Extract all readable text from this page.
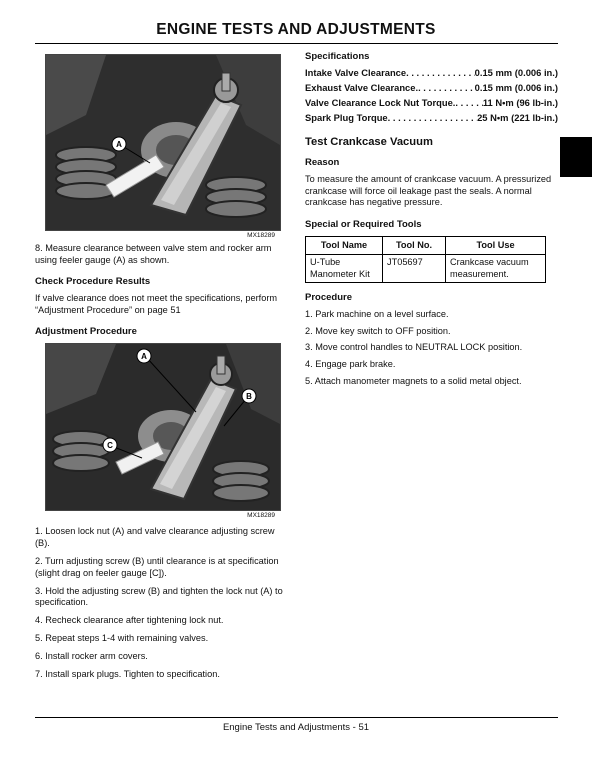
ENGINE TESTS AND ADJUSTMENTS
A
MX18289

8. Measure clearance between valve stem and rocker arm using feeler gauge (A) as shown.

Check Procedure Results

If valve clearance does not meet the specifications, perform “Adjustment Procedure” on page 51

Adjustment Procedure
A
B
C
MX18289
1. Loosen lock nut (A) and valve clearance adjusting screw (B).
2. Turn adjusting screw (B) until clearance is at specification (slight drag on feeler gauge [C]).
3. Hold the adjusting screw (B) and tighten the lock nut (A) to specification.
4. Recheck clearance after tightening lock nut.
5. Repeat steps 1-4 with remaining valves.
6. Install rocker arm covers.
7. Install spark plugs. Tighten to specification.
Specifications
Intake Valve Clearance . . .	0.15 mm (0.006 in.)
Exhaust Valve Clearance. . . .	0.15 mm (0.006 in.)
Valve Clearance Lock Nut Torque. . . .	11 N•m (96 lb-in.)
Spark Plug Torque . . .	25 N•m (221 lb-in.)
Test Crankcase Vacuum
Reason

To measure the amount of crankcase vacuum. A pressurized crankcase will force oil leakage past the seals. A normal crankcase has negative pressure.

Special or Required Tools
Tool Name	Tool No.	Tool Use
U-Tube Manometer Kit	JT05697	Crankcase vacuum measurement.
Procedure
1. Park machine on a level surface.
2. Move key switch to OFF position.
3. Move control handles to NEUTRAL LOCK position.
4. Engage park brake.
5. Attach manometer magnets to a solid metal object.
Engine Tests and Adjustments - 51
